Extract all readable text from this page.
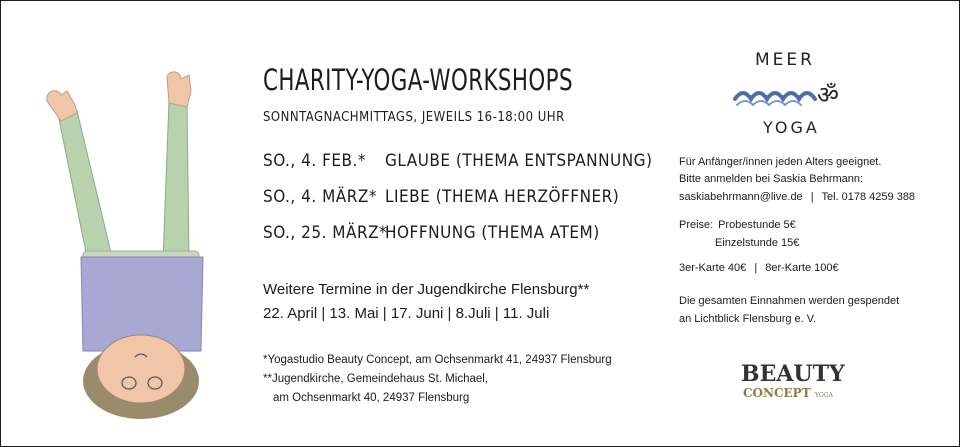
CHARITY-YOGA-WORKSHOPS
SONNTAGNACHMITTAGS, JEWEILS 16-18:00 UHR
SO., 4. FEB.* GLAUBE (THEMA ENTSPANNUNG)
SO., 4. MÄRZ* LIEBE (THEMA HERZÖFFNER)
SO., 25. MÄRZ*
HOFFNUNG (THEMA ATEM)
Weitere Termine in der Jugendkirche Flensburg**
22. April | 13. Mai | 17. Juni | 8.Juli | 11. Juli
*Yogastudio Beauty Concept, am Ochsenmarkt 41, 24937 Flensburg
**Jugendkirche, Gemeindehaus St. Michael,
am Ochsenmarkt 40, 24937 Flensburg
MEER
ॐ
YOGA
Für Anfänger/innen jeden Alters geeignet.
Bitte anmelden bei Saskia Behrmann:
saskiabehrmann@live.de | Tel. 0178 4259 388
Preise: Probestunde 5€
Einzelstunde 15€
3er-Karte 40€ | 8er-Karte 100€
Die gesamten Einnahmen werden gespendet
an Lichtblick Flensburg e. V.
BEAUTY
CONCEPT YOGA
